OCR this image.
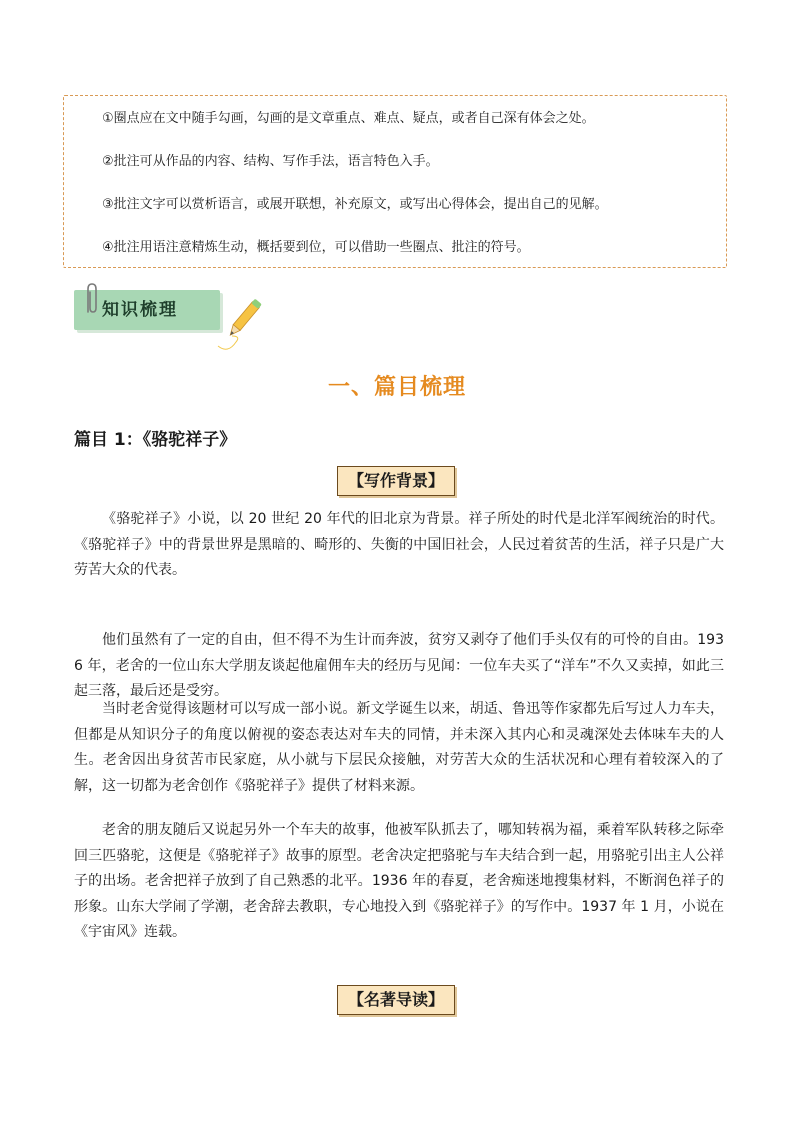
①圈点应在文中随手勾画，勾画的是文章重点、难点、疑点，或者自己深有体会之处。
②批注可从作品的内容、结构、写作手法，语言特色入手。
③批注文字可以赏析语言，或展开联想，补充原文，或写出心得体会，提出自己的见解。
④批注用语注意精炼生动，概括要到位，可以借助一些圈点、批注的符号。
知识梳理
一、篇目梳理
篇目 1：《骆驼祥子》
【写作背景】
《骆驼祥子》小说，以 20 世纪 20 年代的旧北京为背景。祥子所处的时代是北洋军阀统治的时代。《骆驼祥子》中的背景世界是黑暗的、畸形的、失衡的中国旧社会，人民过着贫苦的生活，祥子只是广大劳苦大众的代表。
他们虽然有了一定的自由，但不得不为生计而奔波，贫穷又剥夺了他们手头仅有的可怜的自由。1936 年，老舍的一位山东大学朋友谈起他雇佣车夫的经历与见闻：一位车夫买了“洋车”不久又卖掉，如此三起三落，最后还是受穷。
当时老舍觉得该题材可以写成一部小说。新文学诞生以来，胡适、鲁迅等作家都先后写过人力车夫，但都是从知识分子的角度以俯视的姿态表达对车夫的同情，并未深入其内心和灵魂深处去体味车夫的人生。老舍因出身贫苦市民家庭，从小就与下层民众接触，对劳苦大众的生活状况和心理有着较深入的了解，这一切都为老舍创作《骆驼祥子》提供了材料来源。
老舍的朋友随后又说起另外一个车夫的故事，他被军队抓去了，哪知转祸为福，乘着军队转移之际牵回三匹骆驼，这便是《骆驼祥子》故事的原型。老舍决定把骆驼与车夫结合到一起，用骆驼引出主人公祥子的出场。老舍把祥子放到了自己熟悉的北平。1936 年的春夏，老舍痴迷地搜集材料，不断润色祥子的形象。山东大学闹了学潮，老舍辞去教职，专心地投入到《骆驼祥子》的写作中。1937 年 1 月，小说在《宇宙风》连载。
【名著导读】
